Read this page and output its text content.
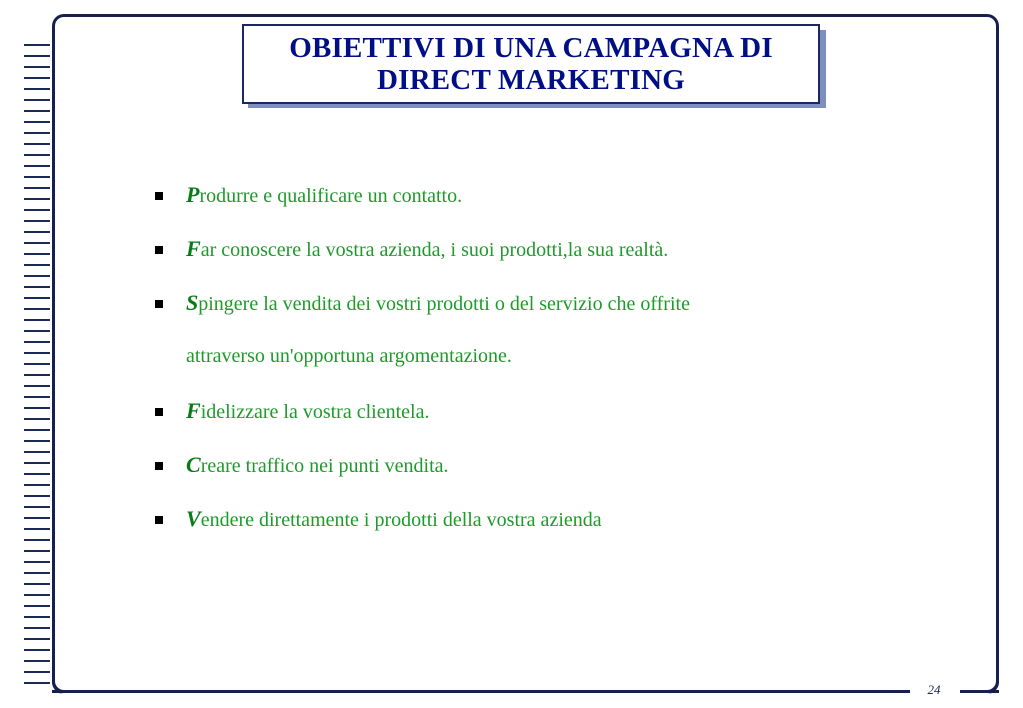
OBIETTIVI DI UNA CAMPAGNA DI DIRECT MARKETING
Produrre e qualificare un contatto.
Far conoscere la vostra azienda, i suoi prodotti,la sua realtà.
Spingere la vendita dei vostri prodotti o del servizio che offrite
attraverso un'opportuna argomentazione.
Fidelizzare la vostra clientela.
Creare traffico nei punti vendita.
Vendere direttamente i prodotti della vostra azienda
24
